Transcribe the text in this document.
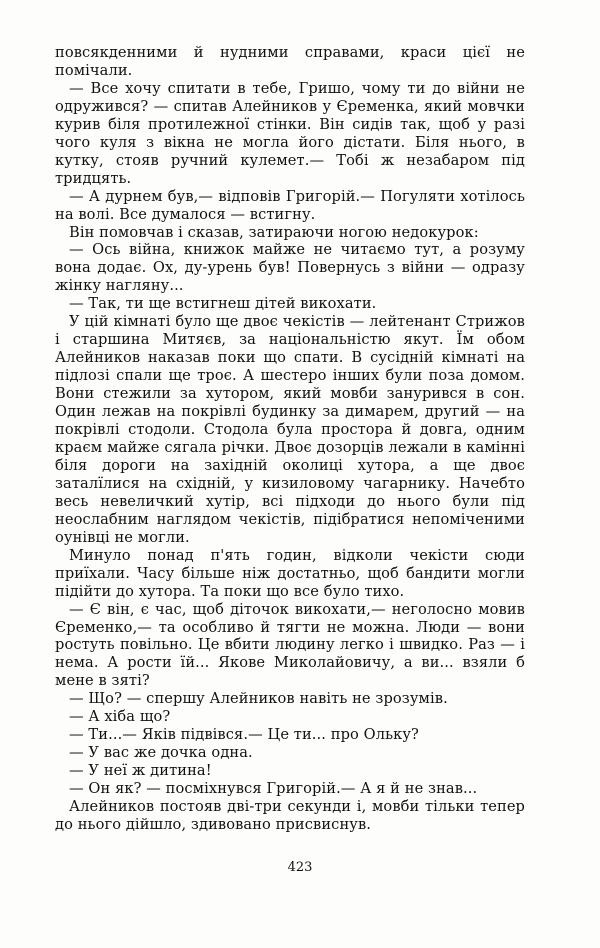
повсякденними й нудними справами, краси цієї не помічали.

— Все хочу спитати в тебе, Гришо, чому ти до війни не одружився? — спитав Алейников у Єременка, який мовчки курив біля протилежної стінки. Він сидів так, щоб у разі чого куля з вікна не могла його дістати. Біля нього, в кутку, стояв ручний кулемет.— Тобі ж незабаром під тридцять.

— А дурнем був,— відповів Григорій.— Погуляти хотілось на волі. Все думалося — встигну.

Він помовчав і сказав, затираючи ногою недокурок:

— Ось війна, книжок майже не читаємо тут, а розуму вона додає. Ох, ду-урень був! Повернусь з війни — одразу жінку нагляну...

— Так, ти ще встигнеш дітей викохати.

У цій кімнаті було ще двоє чекістів — лейтенант Стрижов і старшина Митяєв, за національністю якут. Їм обом Алейников наказав поки що спати. В сусідній кімнаті на підлозі спали ще троє. А шестеро інших були поза домом. Вони стежили за хутором, який мовби занурився в сон. Один лежав на покрівлі будинку за димарем, другий — на покрівлі стодоли. Стодола була простора й довга, одним краєм майже сягала річки. Двоє дозорців лежали в камінні біля дороги на західній околиці хутора, а ще двоє заталїлися на східній, у кизиловому чагарнику. Начебто весь невеличкий хутір, всі підходи до нього були під неослабним наглядом чекістів, підібратися непоміченими оунівці не могли.

Минуло понад п'ять годин, відколи чекісти сюди приїхали. Часу більше ніж достатньо, щоб бандити могли підійти до хутора. Та поки що все було тихо.

— Є він, є час, щоб діточок викохати,— неголосно мовив Єременко,— та особливо й тягти не можна. Люди — вони ростуть повільно. Це вбити людину легко і швидко. Раз — і нема. А рости їй... Якове Миколайовичу, а ви... взяли б мене в зяті?

— Що? — спершу Алейников навіть не зрозумів.

— А хіба що?

— Ти...— Яків підвівся.— Це ти... про Ольку?

— У вас же дочка одна.

— У неї ж дитина!

— Он як? — посміхнувся Григорій.— А я й не знав...

Алейников постояв дві-три секунди і, мовби тільки тепер до нього дійшло, здивовано присвиснув.

423
